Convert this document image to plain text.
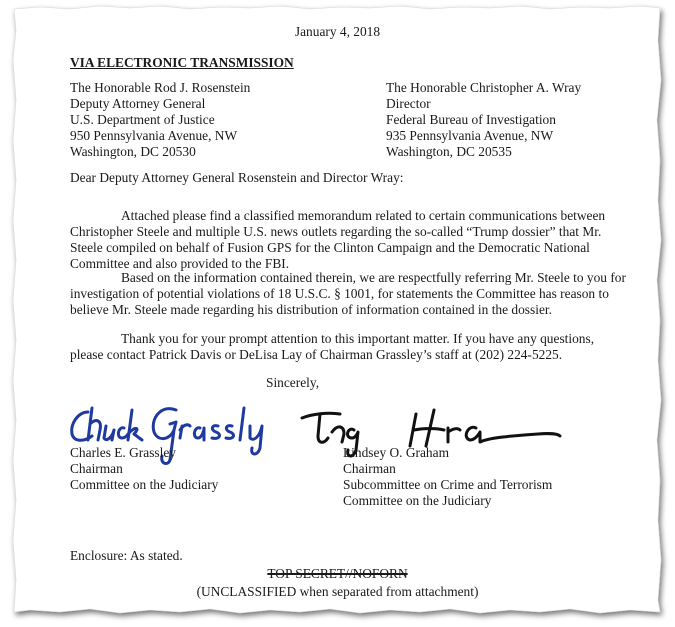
January 4, 2018
VIA ELECTRONIC TRANSMISSION
The Honorable Rod J. Rosenstein
Deputy Attorney General
U.S. Department of Justice
950 Pennsylvania Avenue, NW
Washington, DC 20530
The Honorable Christopher A. Wray
Director
Federal Bureau of Investigation
935 Pennsylvania Avenue, NW
Washington, DC 20535
Dear Deputy Attorney General Rosenstein and Director Wray:
Attached please find a classified memorandum related to certain communications between
Christopher Steele and multiple U.S. news outlets regarding the so-called “Trump dossier” that Mr.
Steele compiled on behalf of Fusion GPS for the Clinton Campaign and the Democratic National
Committee and also provided to the FBI.
Based on the information contained therein, we are respectfully referring Mr. Steele to you for
investigation of potential violations of 18 U.S.C. § 1001, for statements the Committee has reason to
believe Mr. Steele made regarding his distribution of information contained in the dossier.
Thank you for your prompt attention to this important matter. If you have any questions,
please contact Patrick Davis or DeLisa Lay of Chairman Grassley’s staff at (202) 224-5225.
Sincerely,
Charles E. Grassley
Chairman
Committee on the Judiciary
Lindsey O. Graham
Chairman
Subcommittee on Crime and Terrorism
Committee on the Judiciary
Enclosure: As stated.
TOP SECRET//NOFORN
(UNCLASSIFIED when separated from attachment)
